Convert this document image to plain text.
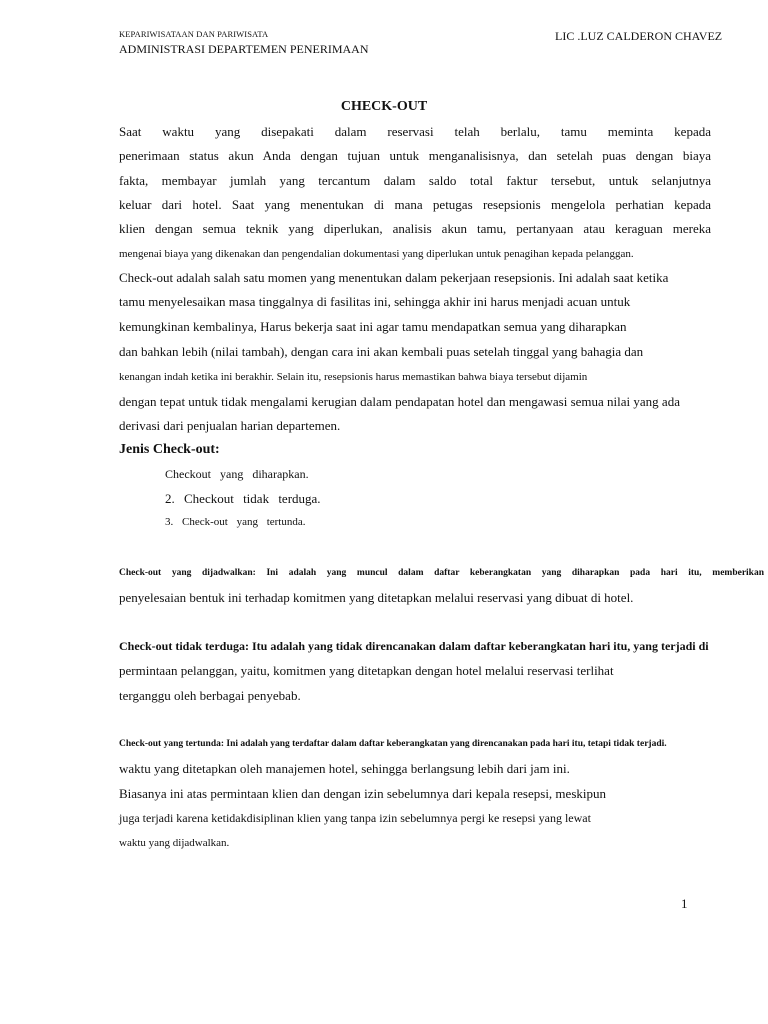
KEPARIWISATAAN DAN PARIWISATA
ADMINISTRASI DEPARTEMEN PENERIMAAN
LIC .LUZ CALDERON CHAVEZ
CHECK-OUT
Saat waktu yang disepakati dalam reservasi telah berlalu, tamu meminta kepada
penerimaan status akun Anda dengan tujuan untuk menganalisisnya, dan setelah puas dengan biaya
fakta, membayar jumlah yang tercantum dalam saldo total faktur tersebut, untuk selanjutnya
keluar dari hotel. Saat yang menentukan di mana petugas resepsionis mengelola perhatian kepada
klien dengan semua teknik yang diperlukan, analisis akun tamu, pertanyaan atau keraguan mereka
mengenai biaya yang dikenakan dan pengendalian dokumentasi yang diperlukan untuk penagihan kepada pelanggan.
Check-out adalah salah satu momen yang menentukan dalam pekerjaan resepsionis. Ini adalah saat ketika
tamu menyelesaikan masa tinggalnya di fasilitas ini, sehingga akhir ini harus menjadi acuan untuk
kemungkinan kembalinya, Harus bekerja saat ini agar tamu mendapatkan semua yang diharapkan
dan bahkan lebih (nilai tambah), dengan cara ini akan kembali puas setelah tinggal yang bahagia dan
kenangan indah ketika ini berakhir. Selain itu, resepsionis harus memastikan bahwa biaya tersebut dijamin
dengan tepat untuk tidak mengalami kerugian dalam pendapatan hotel dan mengawasi semua nilai yang ada
derivasi dari penjualan harian departemen.
Jenis Check-out:
Checkout yang diharapkan.
2. Checkout tidak terduga.
3. Check-out yang tertunda.
Check-out yang dijadwalkan: Ini adalah yang muncul dalam daftar keberangkatan yang diharapkan pada hari itu, memberikan
penyelesaian bentuk ini terhadap komitmen yang ditetapkan melalui reservasi yang dibuat di hotel.
Check-out tidak terduga: Itu adalah yang tidak direncanakan dalam daftar keberangkatan hari itu, yang terjadi di
permintaan pelanggan, yaitu, komitmen yang ditetapkan dengan hotel melalui reservasi terlihat
terganggu oleh berbagai penyebab.
Check-out yang tertunda: Ini adalah yang terdaftar dalam daftar keberangkatan yang direncanakan pada hari itu, tetapi tidak terjadi.
waktu yang ditetapkan oleh manajemen hotel, sehingga berlangsung lebih dari jam ini.
Biasanya ini atas permintaan klien dan dengan izin sebelumnya dari kepala resepsi, meskipun
juga terjadi karena ketidakdisiplinan klien yang tanpa izin sebelumnya pergi ke resepsi yang lewat
waktu yang dijadwalkan.
1
